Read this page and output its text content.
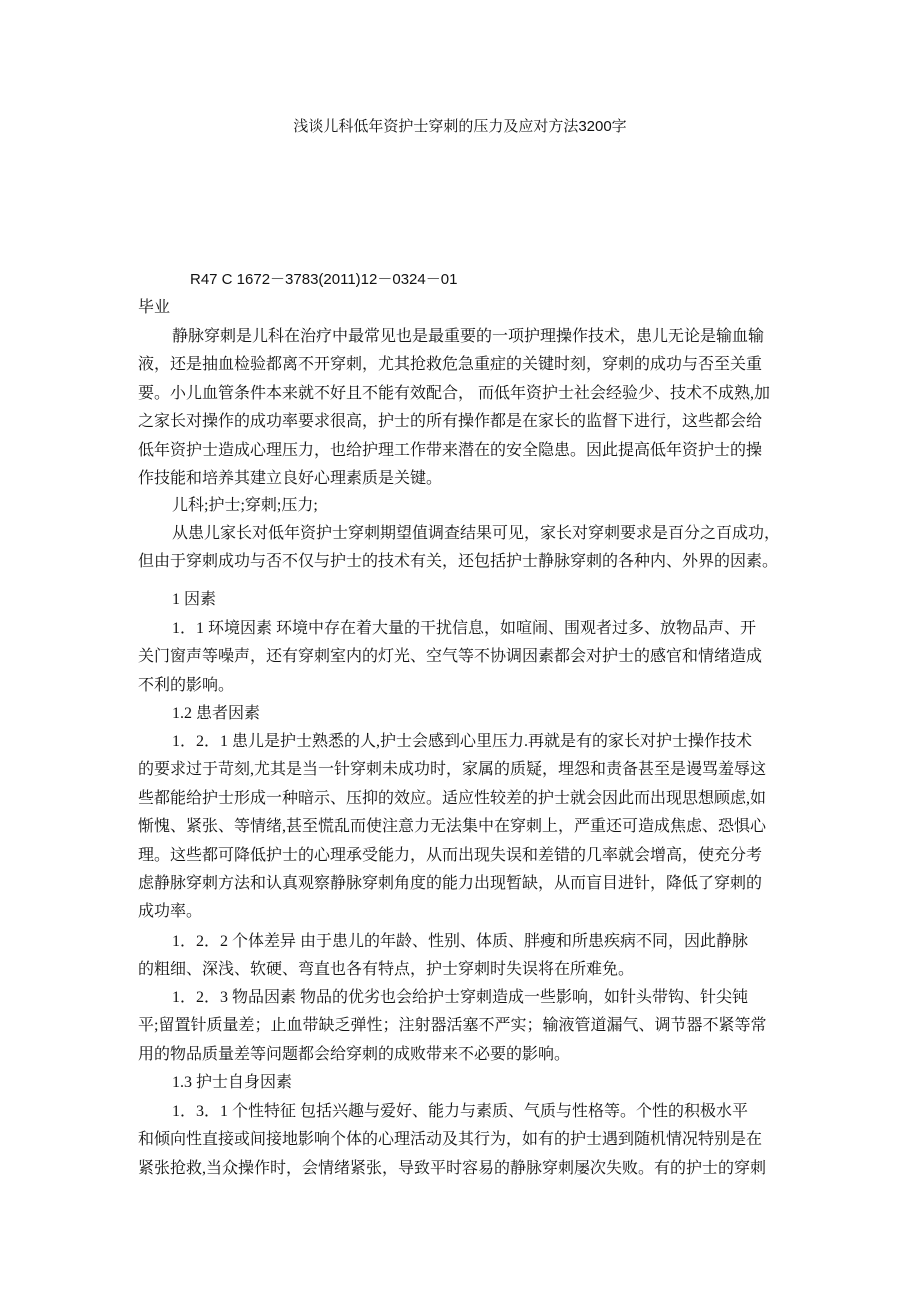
浅谈儿科低年资护士穿刺的压力及应对方法3200字
R47 C 1672－3783(2011)12－0324－01
毕业
静脉穿刺是儿科在治疗中最常见也是最重要的一项护理操作技术，患儿无论是输血输
液，还是抽血检验都离不开穿刺，尤其抢救危急重症的关键时刻，穿刺的成功与否至关重
要。小儿血管条件本来就不好且不能有效配合， 而低年资护士社会经验少、技术不成熟,加
之家长对操作的成功率要求很高，护士的所有操作都是在家长的监督下进行，这些都会给
低年资护士造成心理压力，也给护理工作带来潜在的安全隐患。因此提高低年资护士的操
作技能和培养其建立良好心理素质是关键。
儿科;护士;穿刺;压力;
从患儿家长对低年资护士穿刺期望值调查结果可见，家长对穿刺要求是百分之百成功，
但由于穿刺成功与否不仅与护士的技术有关，还包括护士静脉穿刺的各种内、外界的因素。
1 因素
1．1 环境因素 环境中存在着大量的干扰信息，如喧闹、围观者过多、放物品声、开
关门窗声等噪声，还有穿刺室内的灯光、空气等不协调因素都会对护士的感官和情绪造成
不利的影响。
1.2 患者因素
1．2．1 患儿是护士熟悉的人,护士会感到心里压力.再就是有的家长对护士操作技术
的要求过于苛刻,尤其是当一针穿刺未成功时，家属的质疑，埋怨和责备甚至是谩骂羞辱这
些都能给护士形成一种暗示、压抑的效应。适应性较差的护士就会因此而出现思想顾虑,如
惭愧、紧张、等情绪,甚至慌乱而使注意力无法集中在穿刺上，严重还可造成焦虑、恐惧心
理。这些都可降低护士的心理承受能力，从而出现失误和差错的几率就会增高，使充分考
虑静脉穿刺方法和认真观察静脉穿刺角度的能力出现暂缺，从而盲目进针，降低了穿刺的
成功率。
1．2．2 个体差异 由于患儿的年龄、性别、体质、胖瘦和所患疾病不同，因此静脉
的粗细、深浅、软硬、弯直也各有特点，护士穿刺时失误将在所难免。
1．2．3 物品因素 物品的优劣也会给护士穿刺造成一些影响，如针头带钩、针尖钝
平;留置针质量差；止血带缺乏弹性；注射器活塞不严实；输液管道漏气、调节器不紧等常
用的物品质量差等问题都会给穿刺的成败带来不必要的影响。
1.3 护士自身因素
1．3．1 个性特征 包括兴趣与爱好、能力与素质、气质与性格等。个性的积极水平
和倾向性直接或间接地影响个体的心理活动及其行为，如有的护士遇到随机情况特别是在
紧张抢救,当众操作时，会情绪紧张，导致平时容易的静脉穿刺屡次失败。有的护士的穿刺
